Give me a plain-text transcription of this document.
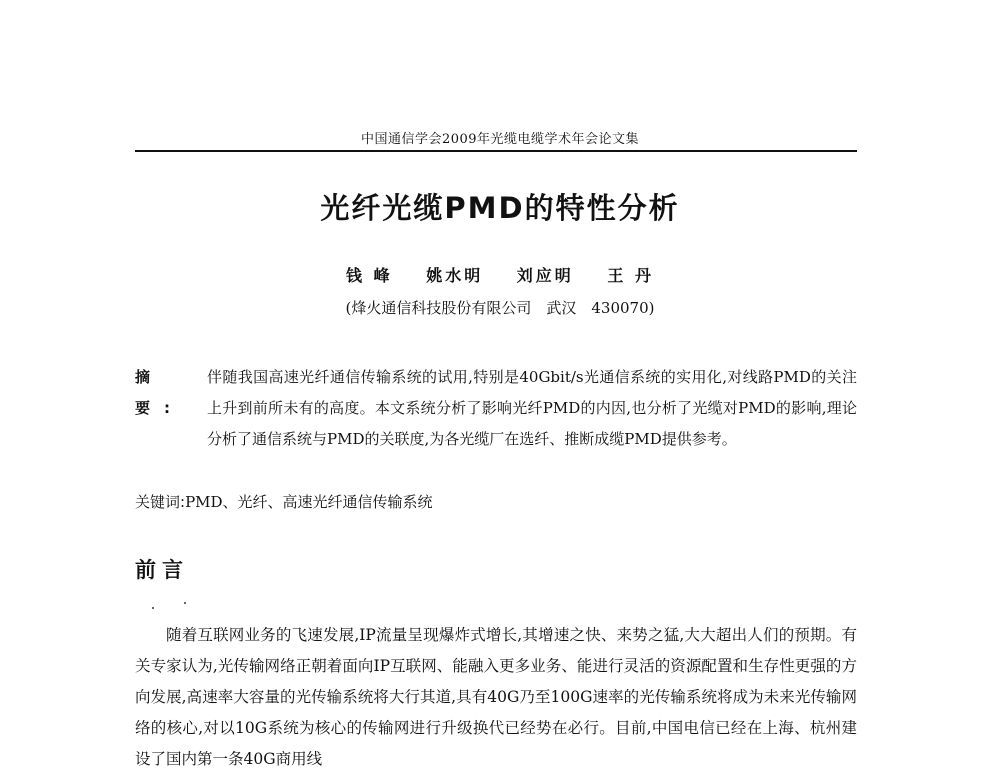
中国通信学会2009年光缆电缆学术年会论文集
光纤光缆PMD的特性分析
钱 峰 姚水明 刘应明 王 丹
(烽火通信科技股份有限公司　武汉　430070)
摘要:
伴随我国高速光纤通信传输系统的试用,特别是40Gbit/s光通信系统的实用化,对线路PMD的关注上升到前所未有的高度。本文系统分析了影响光纤PMD的内因,也分析了光缆对PMD的影响,理论分析了通信系统与PMD的关联度,为各光缆厂在选纤、推断成缆PMD提供参考。
关键词:PMD、光纤、高速光纤通信传输系统
前言

随着互联网业务的飞速发展,IP流量呈现爆炸式增长,其增速之快、来势之猛,大大超出人们的预期。有关专家认为,光传输网络正朝着面向IP互联网、能融入更多业务、能进行灵活的资源配置和生存性更强的方向发展,高速率大容量的光传输系统将大行其道,具有40G乃至100G速率的光传输系统将成为未来光传输网络的核心,对以10G系统为核心的传输网进行升级换代已经势在必行。目前,中国电信已经在上海、杭州建设了国内第一条40G商用线
